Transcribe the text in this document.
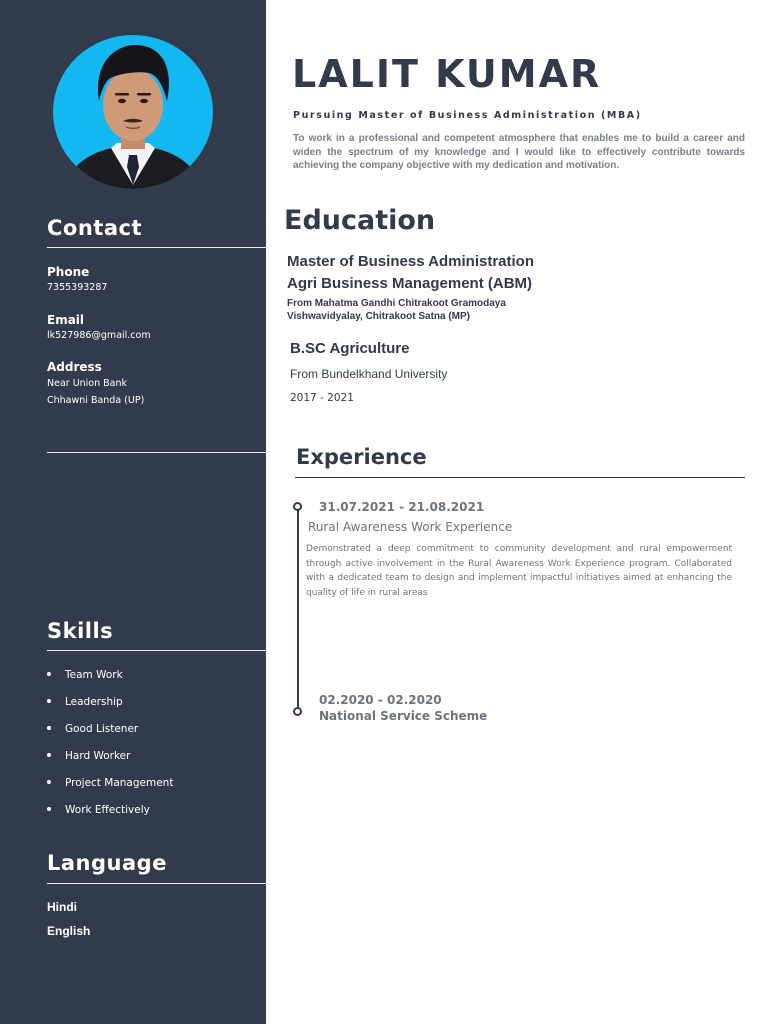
Contact
Phone
7355393287
Email
lk527986@gmail.com
Address
Near Union Bank
Chhawni Banda (UP)
Skills
Team Work
Leadership
Good Listener
Hard Worker
Project Management
Work Effectively
Language
Hindi
English
LALIT KUMAR
Pursuing Master of Business Administration (MBA)
To work in a professional and competent atmosphere that enables me to build a career and widen the spectrum of my knowledge and I would like to effectively contribute towards achieving the company objective with my dedication and motivation.
Education
Master of Business Administration
Agri Business Management (ABM)
From Mahatma Gandhi Chitrakoot Gramodaya
Vishwavidyalay, Chitrakoot Satna (MP)
B.SC Agriculture
From Bundelkhand University
2017 - 2021
Experience
31.07.2021 - 21.08.2021
Rural Awareness Work Experience
Demonstrated a deep commitment to community development and rural empowerment through active involvement in the Rural Awareness Work Experience program. Collaborated with a dedicated team to design and implement impactful initiatives aimed at enhancing the quality of life in rural areas
02.2020 - 02.2020
National Service Scheme
